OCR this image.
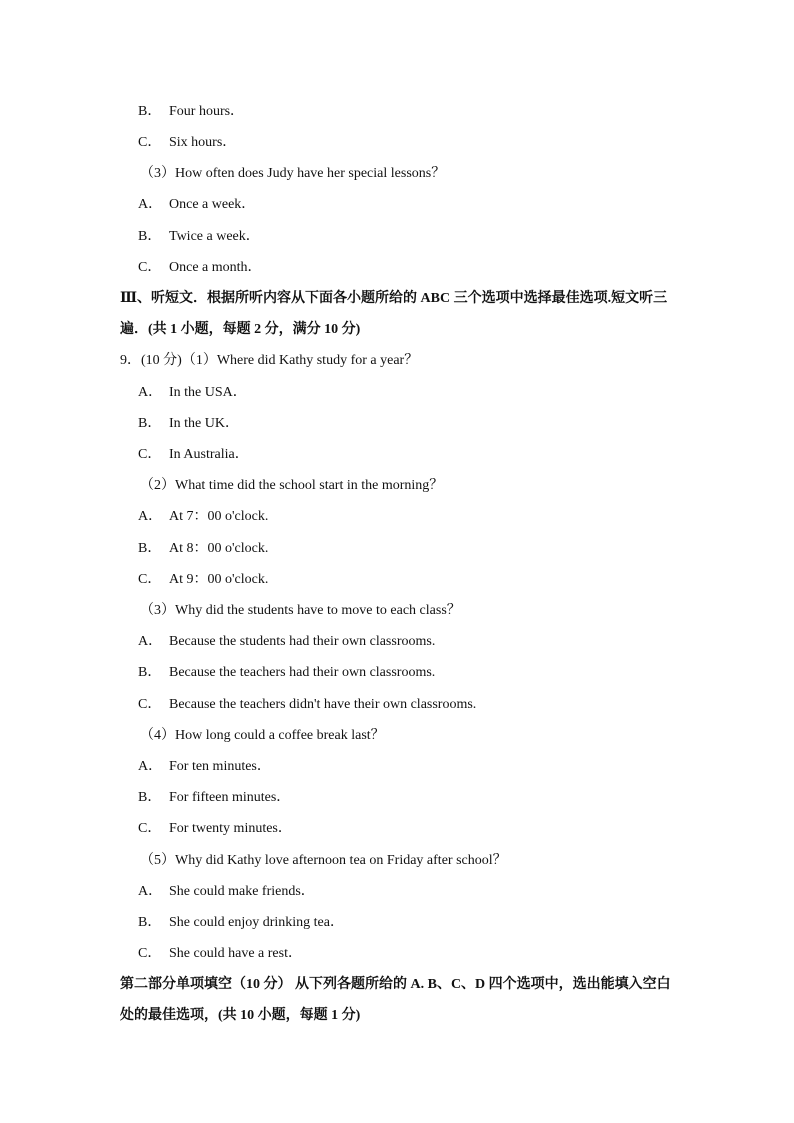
B． Four hours．
C． Six hours．
（3）How often does Judy have her special lessons？
A． Once a week．
B． Twice a week．
C． Once a month．
Ⅲ、听短文．根据所听内容从下面各小题所给的 ABC 三个选项中选择最佳选项.短文听三
遍．(共 1 小题，每题 2 分，满分 10 分)
9．(10 分)（1）Where did Kathy study for a year？
A． In the USA．
B． In the UK．
C． In Australia．
（2）What time did the school start in the morning？
A． At 7：00 o'clock.
B． At 8：00 o'clock.
C． At 9：00 o'clock.
（3）Why did the students have to move to each class？
A． Because the students had their own classrooms.
B． Because the teachers had their own classrooms.
C． Because the teachers didn't have their own classrooms.
（4）How long could a coffee break last？
A． For ten minutes．
B． For fifteen minutes．
C． For twenty minutes．
（5）Why did Kathy love afternoon tea on Friday after school？
A． She could make friends．
B． She could enjoy drinking tea．
C． She could have a rest．
第二部分单项填空（10 分） 从下列各题所给的 A. B、C、D 四个选项中，选出能填入空白
处的最佳选项，(共 10 小题，每题 1 分)
